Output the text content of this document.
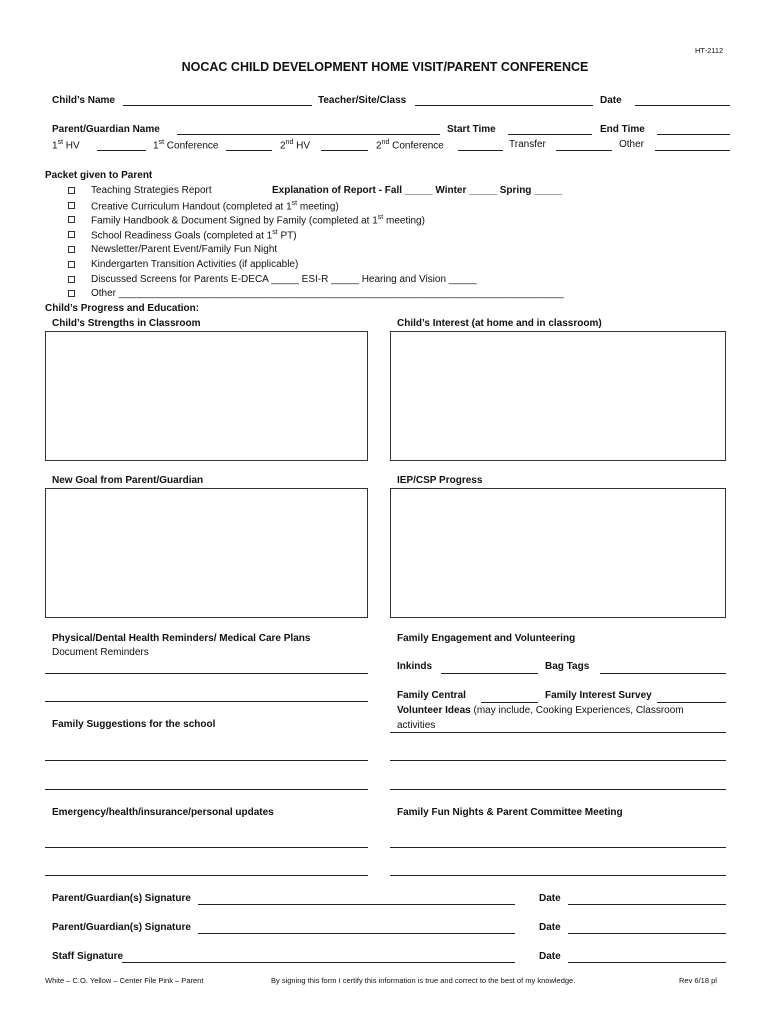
HT-2112
NOCAC CHILD DEVELOPMENT HOME VISIT/PARENT CONFERENCE
Child’s Name	Teacher/Site/Class	Date
Parent/Guardian Name	Start Time	End Time
1st HV	1st Conference	2nd HV	2nd Conference	Transfer	Other
Packet given to Parent
Teaching Strategies Report	Explanation of Report - Fall _____ Winter _____ Spring _____
Creative Curriculum Handout (completed at 1st meeting)
Family Handbook & Document Signed by Family (completed at 1st meeting)
School Readiness Goals (completed at 1st PT)
Newsletter/Parent Event/Family Fun Night
Kindergarten Transition Activities (if applicable)
Discussed Screens for Parents E-DECA _____ ESI-R _____ Hearing and Vision _____
Other ________________________________________________________________________________
Child’s Progress and Education:
Child’s Strengths in Classroom	Child’s Interest (at home and in classroom)
New Goal from Parent/Guardian	IEP/CSP Progress
Physical/Dental Health Reminders/ Medical Care Plans
Document Reminders
Family Engagement and Volunteering
Inkinds	Bag Tags
Family Central	Family Interest Survey
Volunteer Ideas (may include, Cooking Experiences, Classroom
activities
Family Suggestions for the school
Emergency/health/insurance/personal updates	Family Fun Nights & Parent Committee Meeting
Parent/Guardian(s) Signature	Date
Parent/Guardian(s) Signature	Date
Staff Signature	Date
White – C.O. Yellow – Center File Pink – Parent	By signing this form I certify this information is true and correct to the best of my knowledge.	Rev 6/18 pl
